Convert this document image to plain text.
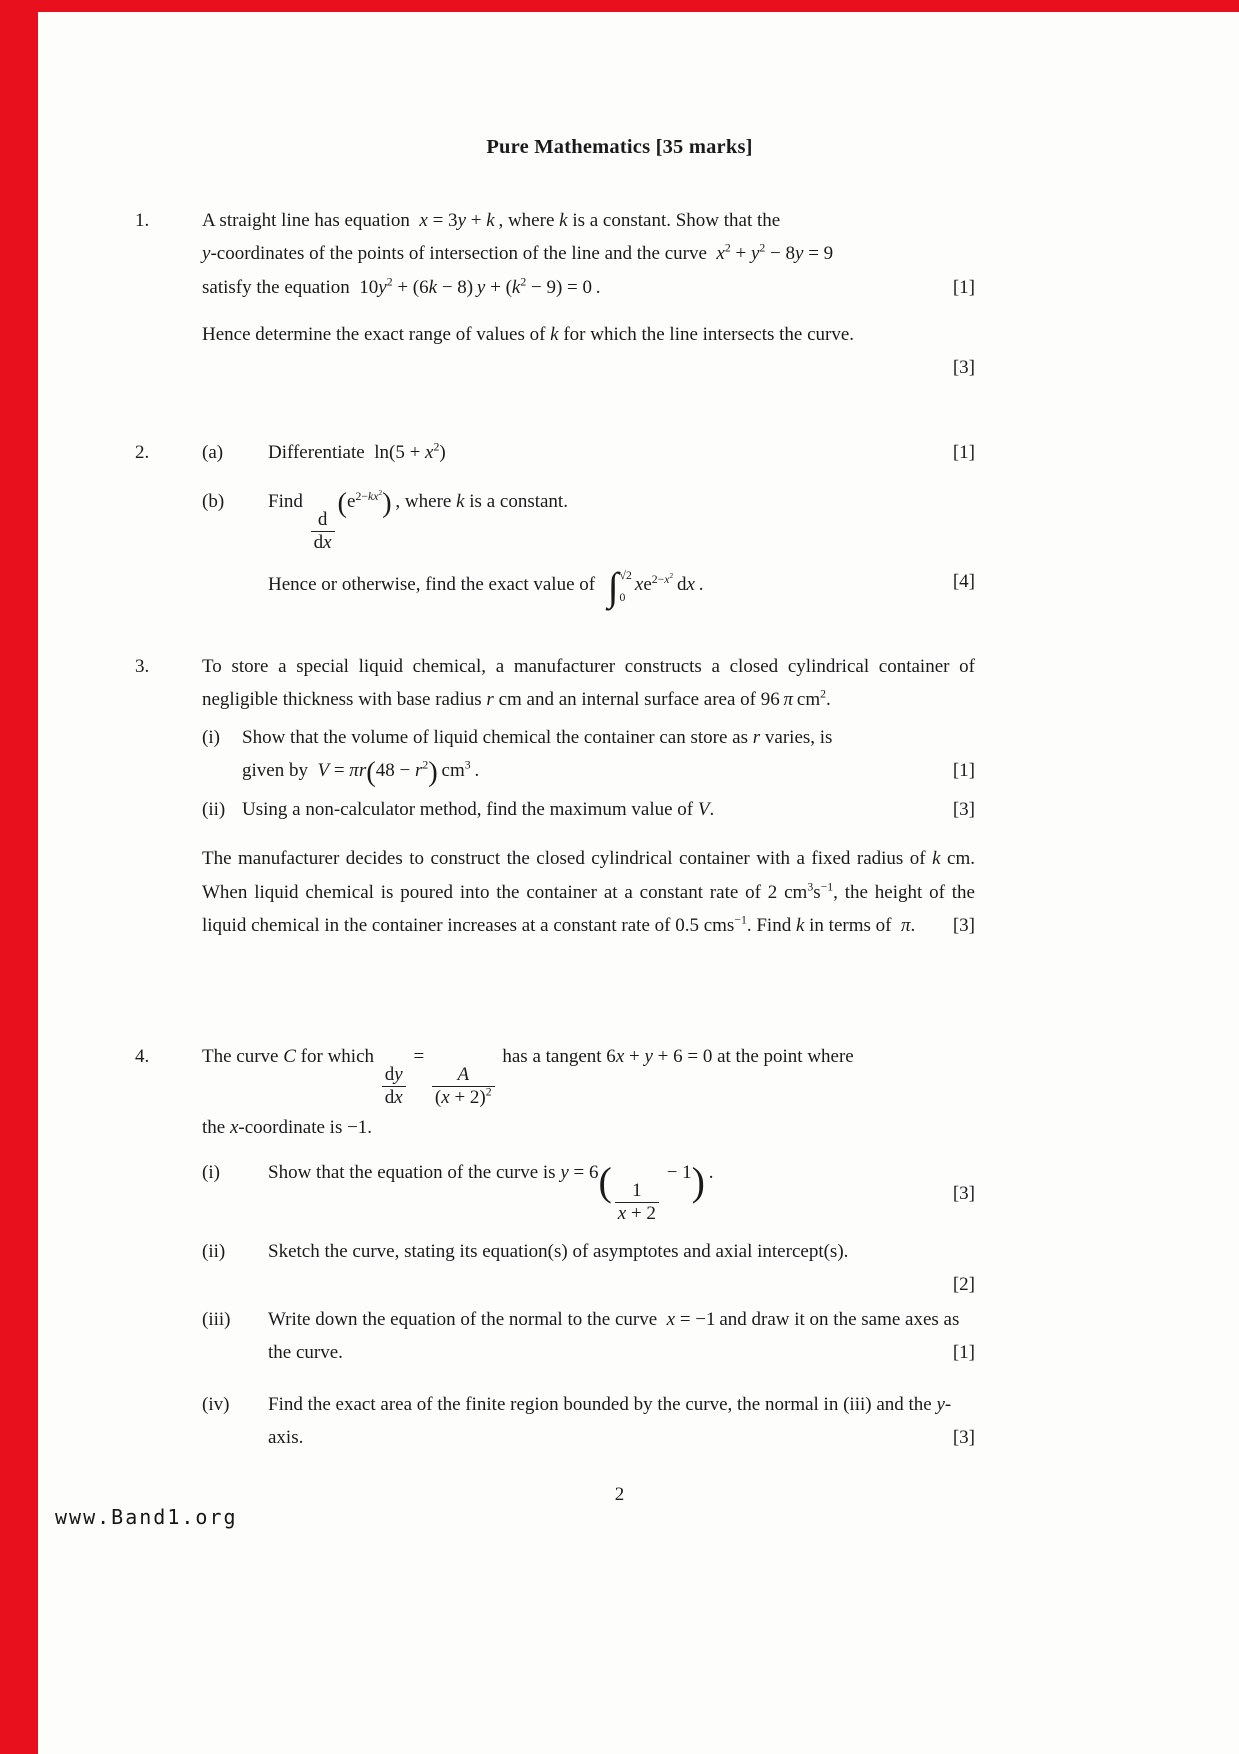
Pure Mathematics [35 marks]
1.	A straight line has equation  x = 3y + k , where k is a constant. Show that the
y-coordinates of the points of intersection of the line and the curve  $x^2 + y^2 - 8y = 9$
satisfy the equation  $10y^2 + (6k - 8) y + (k^2 - 9) = 0$ .	[1]
Hence determine the exact range of values of k for which the line intersects the curve.
[3]
2.	(a)	Differentiate  $\ln(5 + x^2)$	[1]
(b)	Find
$\frac{d}{dx}$
$(e^{2-kx^2})$ , where k is a constant.
Hence or otherwise, find the exact value of ∫ √2
0
$xe^{2-x^2}$ dx .	[4]
3.	To store a special liquid chemical, a manufacturer constructs a closed cylindrical container of negligible thickness with base radius r cm and an internal surface area of 96 π $cm^2$.
(i)	Show that the volume of liquid chemical the container can store as r varies, is
given by  $V = \pi r(48 - r^2)$ $cm^3$ .	[1]
(ii) Using a non-calculator method, find the maximum value of V.	[3]
The manufacturer decides to construct the closed cylindrical container with a fixed radius of k cm. When liquid chemical is poured into the container at a constant rate of 2 $cm^3s^{-1}$, the height of the liquid chemical in the container increases at a constant rate of 0.5 cms$^{-1}$. Find k in terms of  π. [3]
4.	The curve C for which
$\frac{dy}{dx}$
=
$\frac{A}{(x + 2)^2}$
has a tangent 6x + y + 6 = 0 at the point where
the x-coordinate is −1.
(i)	Show that the equation of the curve is $y = 6( \frac{1}{x + 2}$
− 1) .
[3]
(ii)	Sketch the curve, stating its equation(s) of asymptotes and axial intercept(s).
[2]
(iii)	Write down the equation of the normal to the curve  x = −1 and draw it on the same axes as the curve.	[1]
(iv)	Find the exact area of the finite region bounded by the curve, the normal in (iii) and the y-axis.	[3]
2
www.Band1.org
